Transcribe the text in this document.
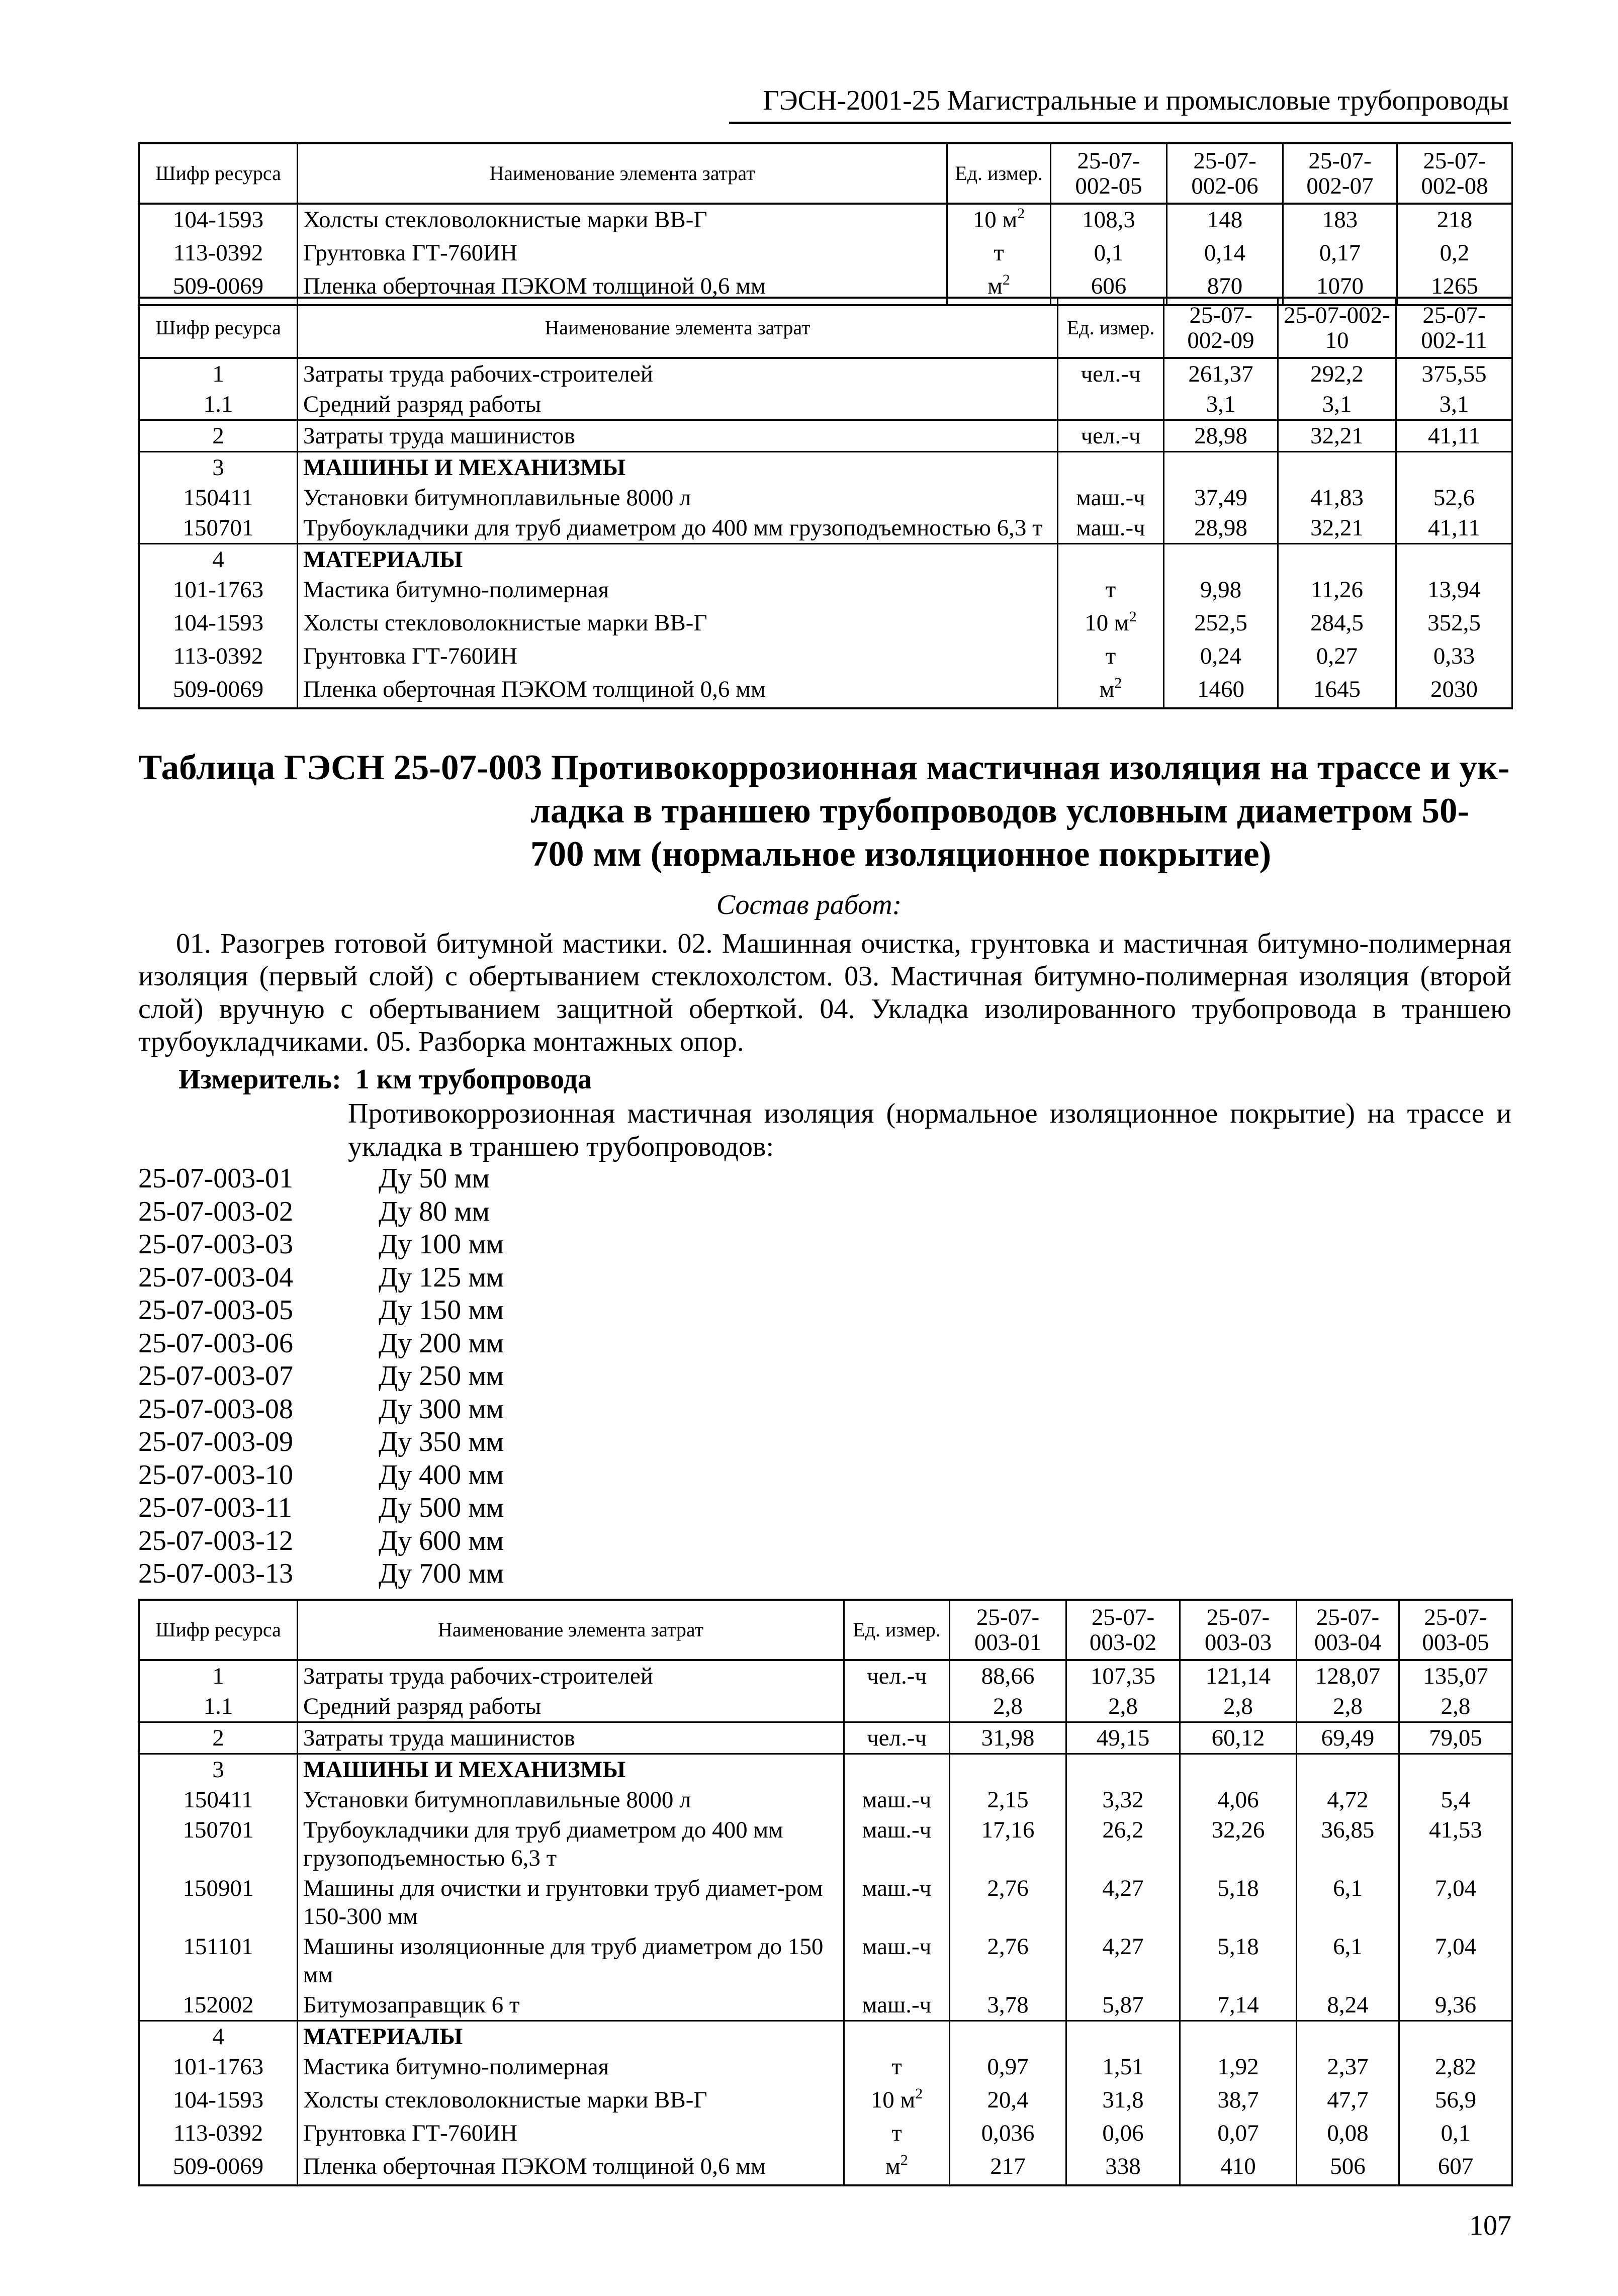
ГЭСН-2001-25 Магистральные и промысловые трубопроводы
Шифр ресурса	Наименование элемента затрат	Ед. измер.	25-07-002-05	25-07-002-06	25-07-002-07	25-07-002-08
104-1593	Холсты стекловолокнистые марки ВВ-Г	10 $м^2$	108,3	148	183	218
113-0392	Грунтовка ГТ-760ИН	т	0,1	0,14	0,17	0,2
509-0069	Пленка оберточная ПЭКОМ толщиной 0,6 мм	$м^2$	606	870	1070	1265
Шифр ресурса	Наименование элемента затрат	Ед. измер.	25-07-002-09	25-07-002-10	25-07-002-11
1	Затраты труда рабочих-строителей	чел.-ч	261,37	292,2	375,55
1.1	Средний разряд работы		3,1	3,1	3,1
2	Затраты труда машинистов	чел.-ч	28,98	32,21	41,11
3	МАШИНЫ И МЕХАНИЗМЫ				
150411	Установки битумноплавильные 8000 л	маш.-ч	37,49	41,83	52,6
150701	Трубоукладчики для труб диаметром до 400 мм грузоподъемностью 6,3 т	маш.-ч	28,98	32,21	41,11
4	МАТЕРИАЛЫ				
101-1763	Мастика битумно-полимерная	т	9,98	11,26	13,94
104-1593	Холсты стекловолокнистые марки ВВ-Г	10 $м^2$	252,5	284,5	352,5
113-0392	Грунтовка ГТ-760ИН	т	0,24	0,27	0,33
509-0069	Пленка оберточная ПЭКОМ толщиной 0,6 мм	$м^2$	1460	1645	2030
Таблица ГЭСН 25-07-003 Противокоррозионная мастичная изоляция на трассе и ук-
ладка в траншею трубопроводов условным диаметром 50-
700 мм (нормальное изоляционное покрытие)
Состав работ:
01. Разогрев готовой битумной мастики. 02. Машинная очистка, грунтовка и мастичная битумно-полимерная изоляция (первый слой) с обертыванием стеклохолстом. 03. Мастичная битумно-полимерная изоляция (второй слой) вручную с обертыванием защитной оберткой. 04. Укладка изолированного трубопровода в траншею трубоукладчиками. 05. Разборка монтажных опор.
Измеритель: 1 км трубопровода
Противокоррозионная мастичная изоляция (нормальное изоляционное покрытие) на трассе и укладка в траншею трубопроводов:
25-07-003-01	Ду 50 мм
25-07-003-02	Ду 80 мм
25-07-003-03	Ду 100 мм
25-07-003-04	Ду 125 мм
25-07-003-05	Ду 150 мм
25-07-003-06	Ду 200 мм
25-07-003-07	Ду 250 мм
25-07-003-08	Ду 300 мм
25-07-003-09	Ду 350 мм
25-07-003-10	Ду 400 мм
25-07-003-11	Ду 500 мм
25-07-003-12	Ду 600 мм
25-07-003-13	Ду 700 мм
Шифр ресурса	Наименование элемента затрат	Ед. измер.	25-07-003-01	25-07-003-02	25-07-003-03	25-07-003-04	25-07-003-05
1	Затраты труда рабочих-строителей	чел.-ч	88,66	107,35	121,14	128,07	135,07
1.1	Средний разряд работы		2,8	2,8	2,8	2,8	2,8
2	Затраты труда машинистов	чел.-ч	31,98	49,15	60,12	69,49	79,05
3	МАШИНЫ И МЕХАНИЗМЫ						
150411	Установки битумноплавильные 8000 л	маш.-ч	2,15	3,32	4,06	4,72	5,4
150701	Трубоукладчики для труб диаметром до 400 мм грузоподъемностью 6,3 т	маш.-ч	17,16	26,2	32,26	36,85	41,53
150901	Машины для очистки и грунтовки труб диамет-ром 150-300 мм	маш.-ч	2,76	4,27	5,18	6,1	7,04
151101	Машины изоляционные для труб диаметром до 150 мм	маш.-ч	2,76	4,27	5,18	6,1	7,04
152002	Битумозаправщик 6 т	маш.-ч	3,78	5,87	7,14	8,24	9,36
4	МАТЕРИАЛЫ						
101-1763	Мастика битумно-полимерная	т	0,97	1,51	1,92	2,37	2,82
104-1593	Холсты стекловолокнистые марки ВВ-Г	10 $м^2$	20,4	31,8	38,7	47,7	56,9
113-0392	Грунтовка ГТ-760ИН	т	0,036	0,06	0,07	0,08	0,1
509-0069	Пленка оберточная ПЭКОМ толщиной 0,6 мм	$м^2$	217	338	410	506	607
107
